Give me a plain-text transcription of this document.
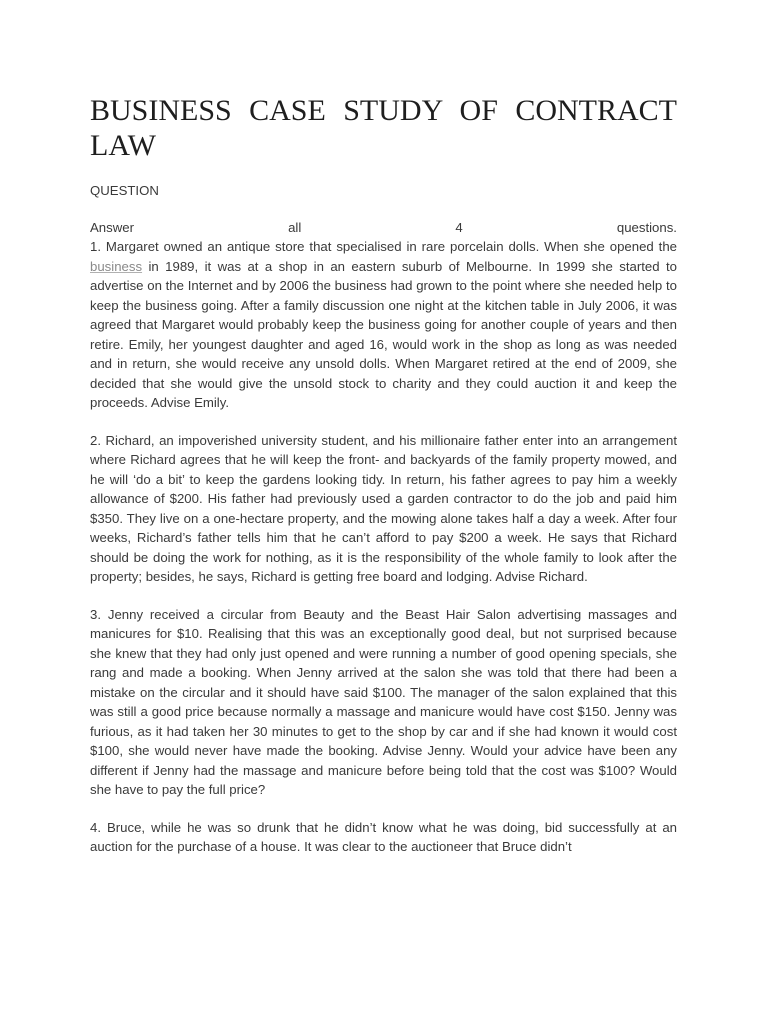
BUSINESS CASE STUDY OF CONTRACT
LAW
QUESTION
Answer	all	4	questions.
1. Margaret owned an antique store that specialised in rare porcelain dolls. When she opened the business in 1989, it was at a shop in an eastern suburb of Melbourne. In 1999 she started to advertise on the Internet and by 2006 the business had grown to the point where she needed help to keep the business going. After a family discussion one night at the kitchen table in July 2006, it was agreed that Margaret would probably keep the business going for another couple of years and then retire. Emily, her youngest daughter and aged 16, would work in the shop as long as was needed and in return, she would receive any unsold dolls. When Margaret retired at the end of 2009, she decided that she would give the unsold stock to charity and they could auction it and keep the proceeds. Advise Emily.
2. Richard, an impoverished university student, and his millionaire father enter into an arrangement where Richard agrees that he will keep the front- and backyards of the family property mowed, and he will ‘do a bit’ to keep the gardens looking tidy. In return, his father agrees to pay him a weekly allowance of $200. His father had previously used a garden contractor to do the job and paid him $350. They live on a one-hectare property, and the mowing alone takes half a day a week. After four weeks, Richard’s father tells him that he can’t afford to pay $200 a week. He says that Richard should be doing the work for nothing, as it is the responsibility of the whole family to look after the property; besides, he says, Richard is getting free board and lodging. Advise Richard.
3. Jenny received a circular from Beauty and the Beast Hair Salon advertising massages and manicures for $10. Realising that this was an exceptionally good deal, but not surprised because she knew that they had only just opened and were running a number of good opening specials, she rang and made a booking. When Jenny arrived at the salon she was told that there had been a mistake on the circular and it should have said $100. The manager of the salon explained that this was still a good price because normally a massage and manicure would have cost $150. Jenny was furious, as it had taken her 30 minutes to get to the shop by car and if she had known it would cost $100, she would never have made the booking. Advise Jenny. Would your advice have been any different if Jenny had the massage and manicure before being told that the cost was $100? Would she have to pay the full price?
4. Bruce, while he was so drunk that he didn’t know what he was doing, bid successfully at an auction for the purchase of a house. It was clear to the auctioneer that Bruce didn’t
